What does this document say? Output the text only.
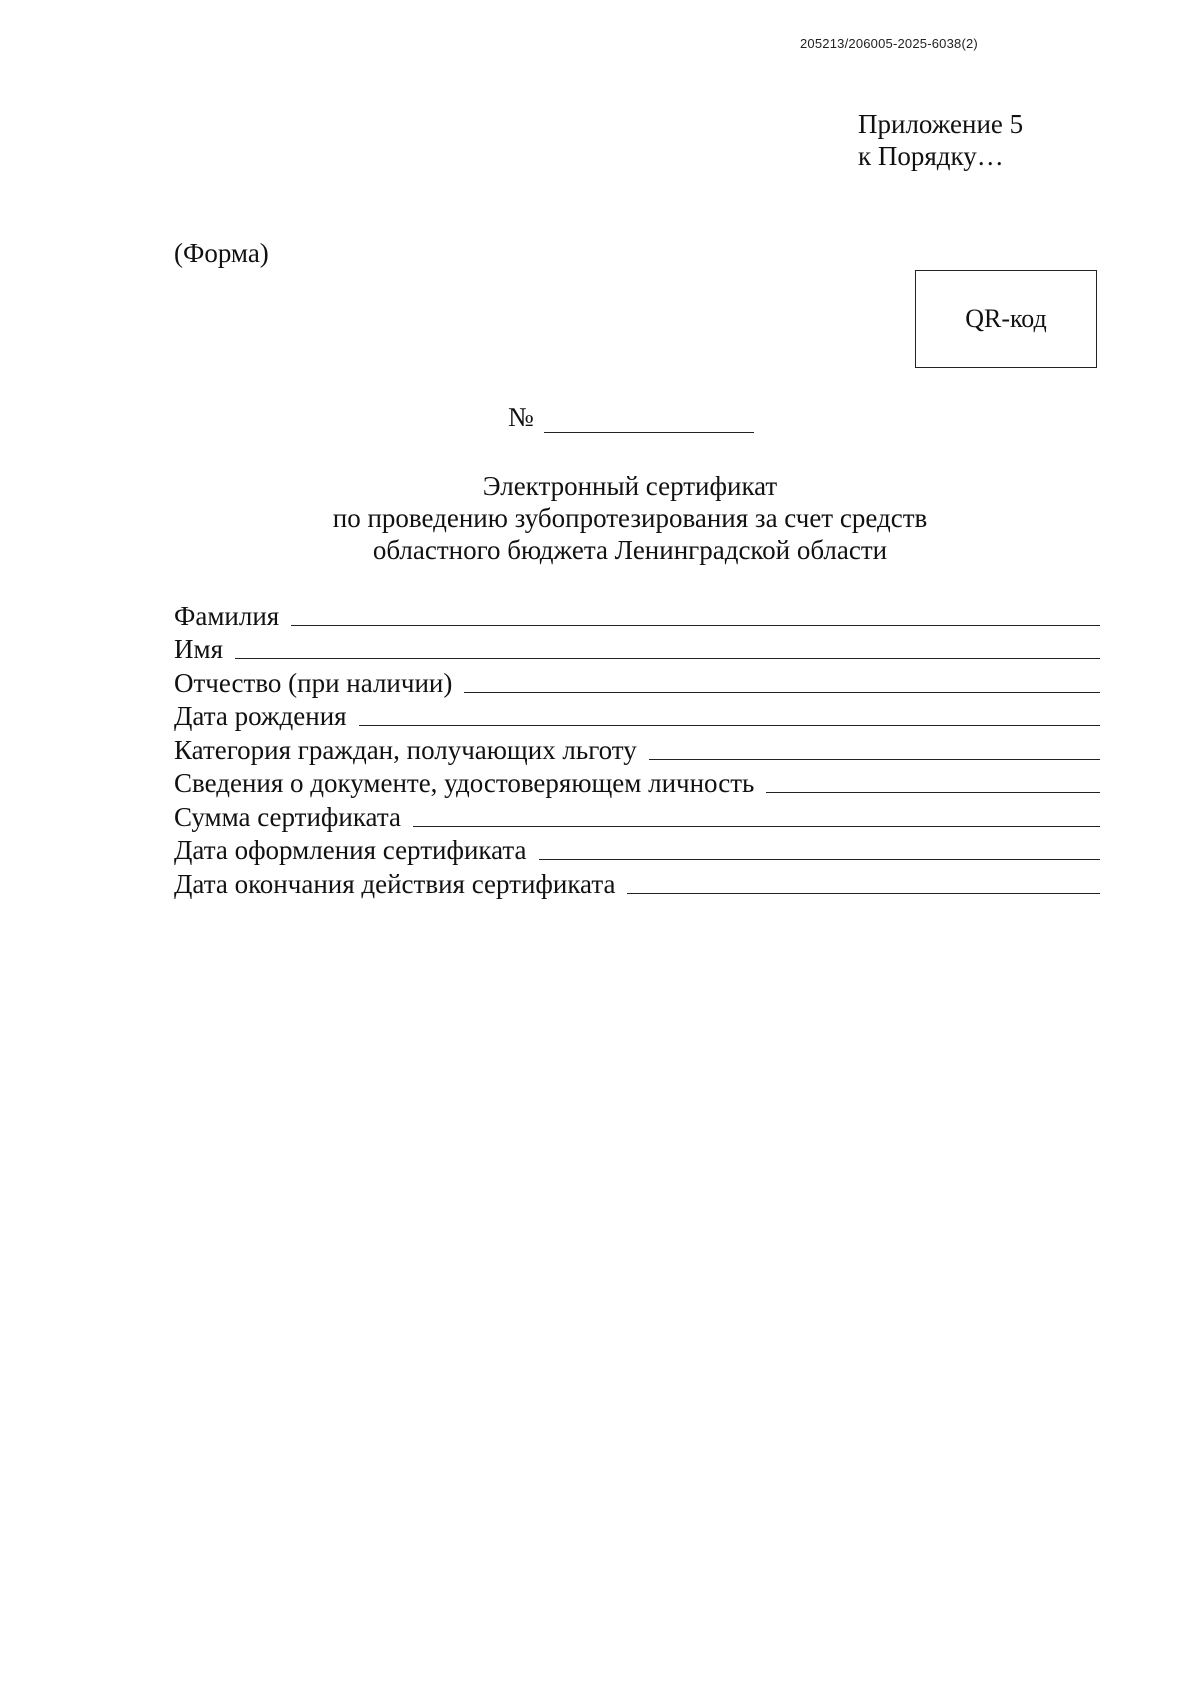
205213/206005-2025-6038(2)
Приложение 5
к Порядку…
(Форма)
QR-код
№
Электронный сертификат
по проведению зубопротезирования за счет средств
областного бюджета Ленинградской области
Фамилия
Имя
Отчество (при наличии)
Дата рождения
Категория граждан, получающих льготу
Сведения о документе, удостоверяющем личность
Сумма сертификата
Дата оформления сертификата
Дата окончания действия сертификата
